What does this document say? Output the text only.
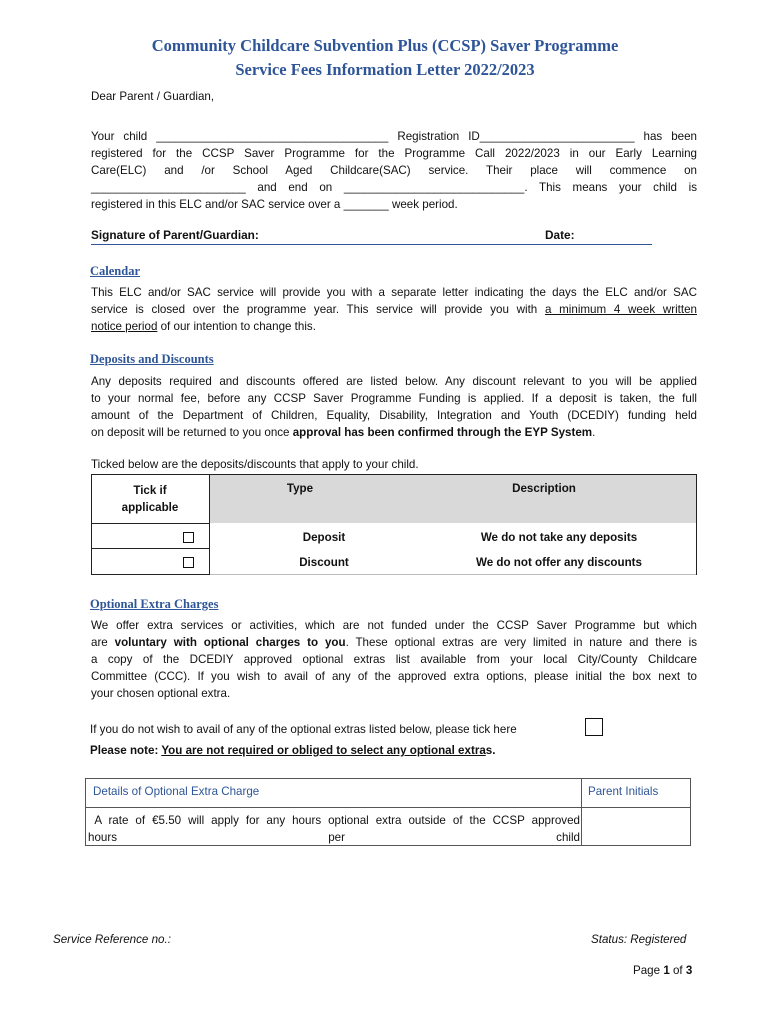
Community Childcare Subvention Plus (CCSP) Saver Programme
Service Fees Information Letter 2022/2023
Dear Parent / Guardian,
Your child ____________________________________ Registration ID________________________ has been
registered for the CCSP Saver Programme for the Programme Call 2022/2023 in our Early Learning
Care(ELC) and /or School Aged Childcare(SAC) service. Their place will commence on
________________________ and end on ____________________________. This means your child is
registered in this ELC and/or SAC service over a _______ week period.
Signature of Parent/Guardian:	Date:
Calendar
This ELC and/or SAC service will provide you with a separate letter indicating the days the ELC and/or SAC
service is closed over the programme year. This service will provide you with a minimum 4 week written
notice period of our intention to change this.
Deposits and Discounts
Any deposits required and discounts offered are listed below. Any discount relevant to you will be applied
to your normal fee, before any CCSP Saver Programme Funding is applied. If a deposit is taken, the full
amount of the Department of Children, Equality, Disability, Integration and Youth (DCEDIY) funding held
on deposit will be returned to you once approval has been confirmed through the EYP System.
Ticked below are the deposits/discounts that apply to your child.
Tick if
applicable
Type	Description
Deposit	We do not take any deposits
Discount	We do not offer any discounts
Optional Extra Charges
We offer extra services or activities, which are not funded under the CCSP Saver Programme but which
are voluntary with optional charges to you. These optional extras are very limited in nature and there is
a copy of the DCEDIY approved optional extras list available from your local City/County Childcare
Committee (CCC). If you wish to avail of any of the approved extra options, please initial the box next to
your chosen optional extra.
If you do not wish to avail of any of the optional extras listed below, please tick here
Please note: You are not required or obliged to select any optional extras.
Details of Optional Extra Charge	Parent Initials
A rate of €5.50 will apply for any hours optional extra outside of the CCSP approved
hours per child
Service Reference no.:	Status: Registered
Page 1 of 3
